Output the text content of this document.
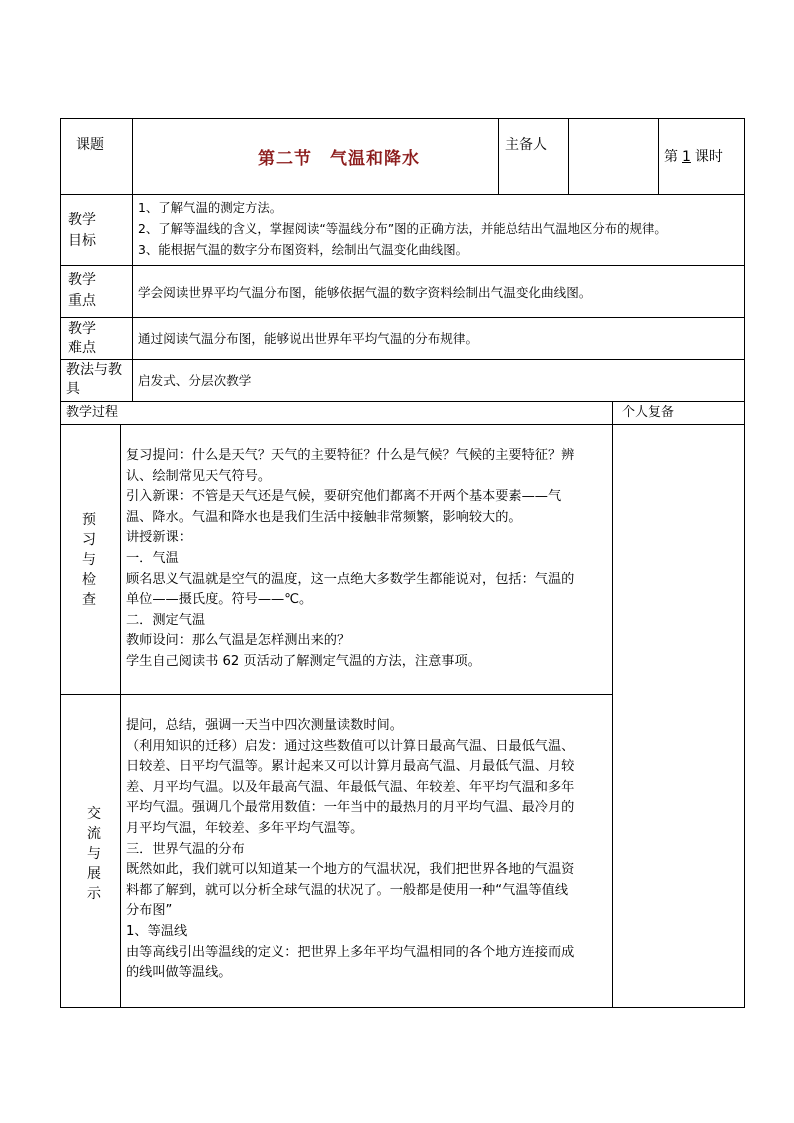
课题
第二节　气温和降水
主备人
第 1 课时
教学
目标
1、了解气温的测定方法。
2、了解等温线的含义，掌握阅读“等温线分布”图的正确方法，并能总结出气温地区分布的规律。
3、能根据气温的数字分布图资料，绘制出气温变化曲线图。
教学
重点
学会阅读世界平均气温分布图，能够依据气温的数字资料绘制出气温变化曲线图。
教学
难点
通过阅读气温分布图，能够说出世界年平均气温的分布规律。
教法与教
具
启发式、分层次教学
教学过程	个人复备
预
习
与
检
查

复习提问：什么是天气？天气的主要特征？什么是气候？气候的主要特征？辨

认、绘制常见天气符号。

引入新课：不管是天气还是气候，要研究他们都离不开两个基本要素——气

温、降水。气温和降水也是我们生活中接触非常频繁，影响较大的。

讲授新课：

一．气温

顾名思义气温就是空气的温度，这一点绝大多数学生都能说对，包括：气温的

单位——摄氏度。符号——℃。

二．测定气温

教师设问：那么气温是怎样测出来的？

学生自己阅读书 62 页活动了解测定气温的方法，注意事项。

交
流
与
展
示

提问，总结，强调一天当中四次测量读数时间。

（利用知识的迁移）启发：通过这些数值可以计算日最高气温、日最低气温、

日较差、日平均气温等。累计起来又可以计算月最高气温、月最低气温、月较

差、月平均气温。以及年最高气温、年最低气温、年较差、年平均气温和多年

平均气温。强调几个最常用数值：一年当中的最热月的月平均气温、最冷月的

月平均气温，年较差、多年平均气温等。

三．世界气温的分布

既然如此，我们就可以知道某一个地方的气温状况，我们把世界各地的气温资

料都了解到，就可以分析全球气温的状况了。一般都是使用一种“气温等值线

分布图”

1、等温线

由等高线引出等温线的定义：把世界上多年平均气温相同的各个地方连接而成

的线叫做等温线。
